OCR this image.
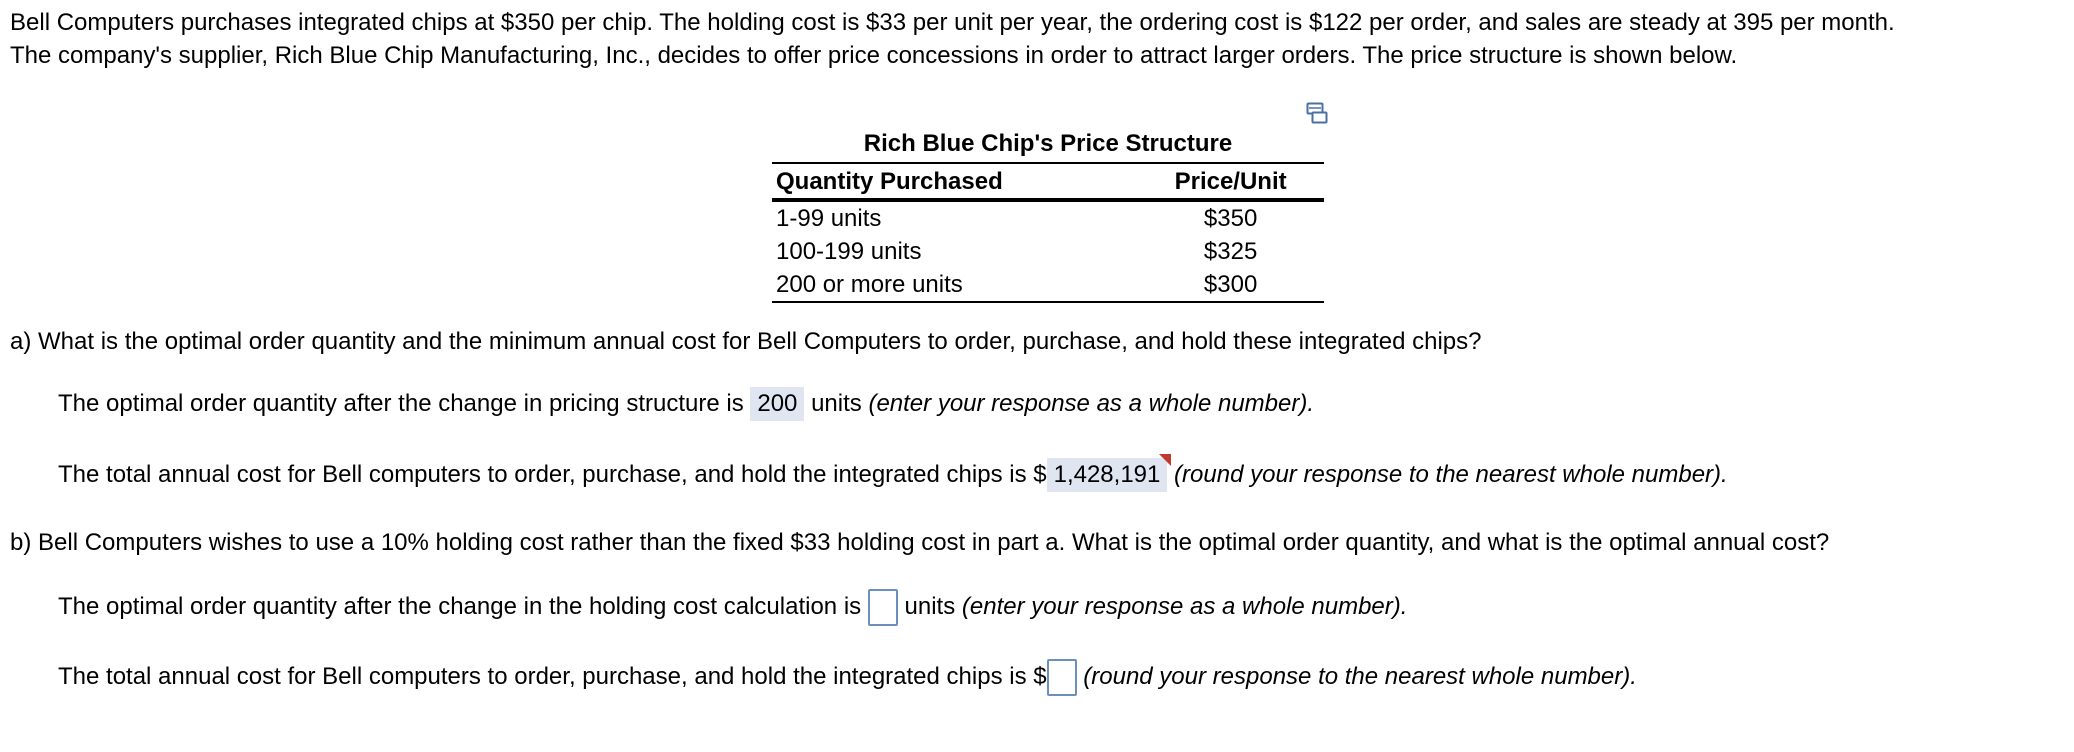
Bell Computers purchases integrated chips at $350 per chip. The holding cost is $33 per unit per year, the ordering cost is $122 per order, and sales are steady at 395 per month.

The company's supplier, Rich Blue Chip Manufacturing, Inc., decides to offer price concessions in order to attract larger orders. The price structure is shown below.

Rich Blue Chip's Price Structure
Quantity Purchased	Price/Unit
1-99 units	$350
100-199 units	$325
200 or more units	$300
a) What is the optimal order quantity and the minimum annual cost for Bell Computers to order, purchase, and hold these integrated chips?
The optimal order quantity after the change in pricing structure is 200 units (enter your response as a whole number).
The total annual cost for Bell computers to order, purchase, and hold the integrated chips is $ 1,428,191 (round your response to the nearest whole number).
b) Bell Computers wishes to use a 10% holding cost rather than the fixed $33 holding cost in part a. What is the optimal order quantity, and what is the optimal annual cost?
The optimal order quantity after the change in the holding cost calculation is units (enter your response as a whole number).
The total annual cost for Bell computers to order, purchase, and hold the integrated chips is $ (round your response to the nearest whole number).
